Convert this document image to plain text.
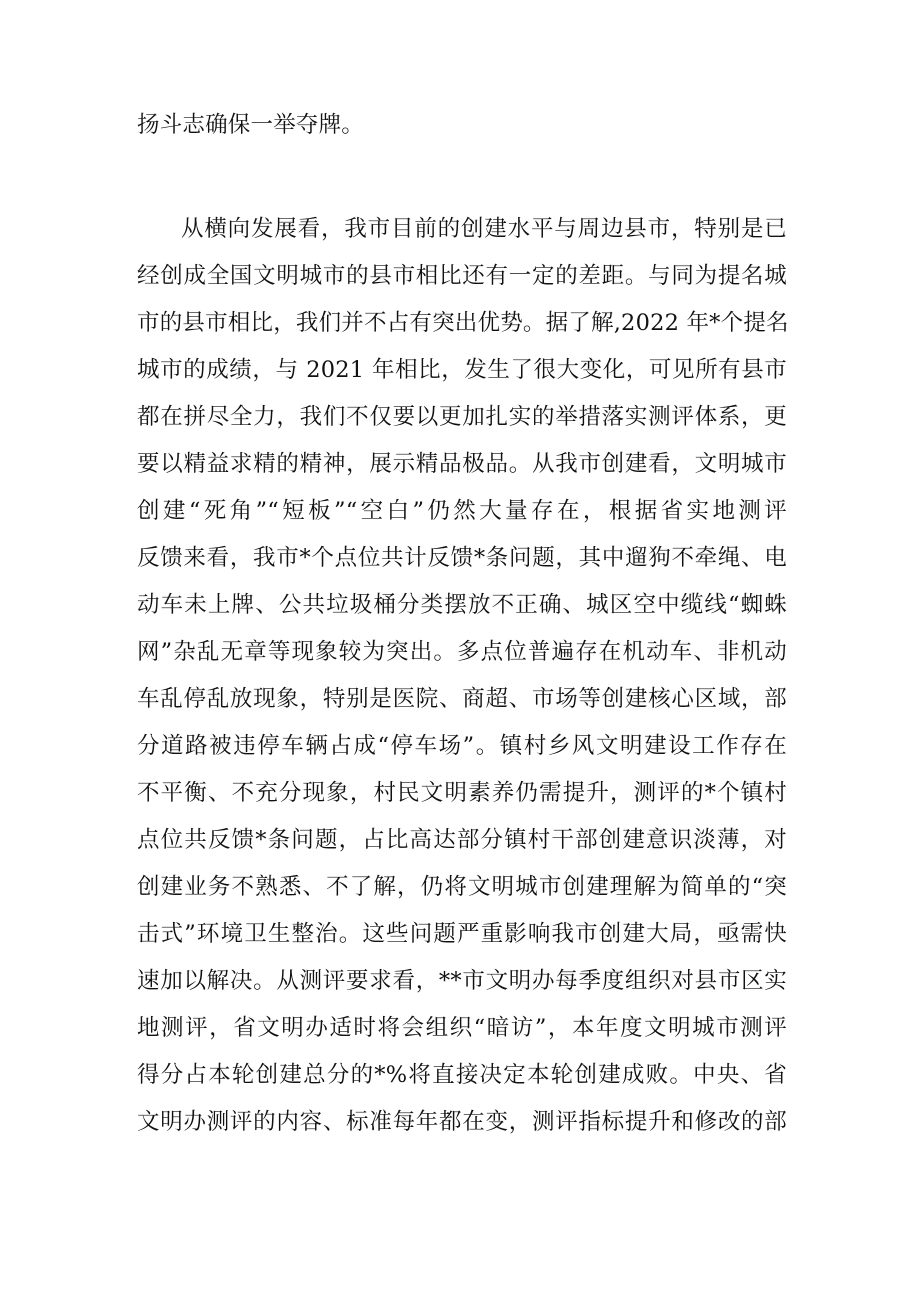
扬斗志确保一举夺牌。
从横向发展看，我市目前的创建水平与周边县市，特别是已
经创成全国文明城市的县市相比还有一定的差距。与同为提名城
市的县市相比，我们并不占有突出优势。据了解,2022 年*个提名
城市的成绩，与 2021 年相比，发生了很大变化，可见所有县市
都在拼尽全力，我们不仅要以更加扎实的举措落实测评体系，更
要以精益求精的精神，展示精品极品。从我市创建看，文明城市
创建“死角”“短板”“空白”仍然大量存在，根据省实地测评
反馈来看，我市*个点位共计反馈*条问题，其中遛狗不牵绳、电
动车未上牌、公共垃圾桶分类摆放不正确、城区空中缆线“蜘蛛
网”杂乱无章等现象较为突出。多点位普遍存在机动车、非机动
车乱停乱放现象，特别是医院、商超、市场等创建核心区域，部
分道路被违停车辆占成“停车场”。镇村乡风文明建设工作存在
不平衡、不充分现象，村民文明素养仍需提升，测评的*个镇村
点位共反馈*条问题，占比高达部分镇村干部创建意识淡薄，对
创建业务不熟悉、不了解，仍将文明城市创建理解为简单的“突
击式”环境卫生整治。这些问题严重影响我市创建大局，亟需快
速加以解决。从测评要求看，**市文明办每季度组织对县市区实
地测评，省文明办适时将会组织“暗访”，本年度文明城市测评
得分占本轮创建总分的*%将直接决定本轮创建成败。中央、省
文明办测评的内容、标准每年都在变，测评指标提升和修改的部
